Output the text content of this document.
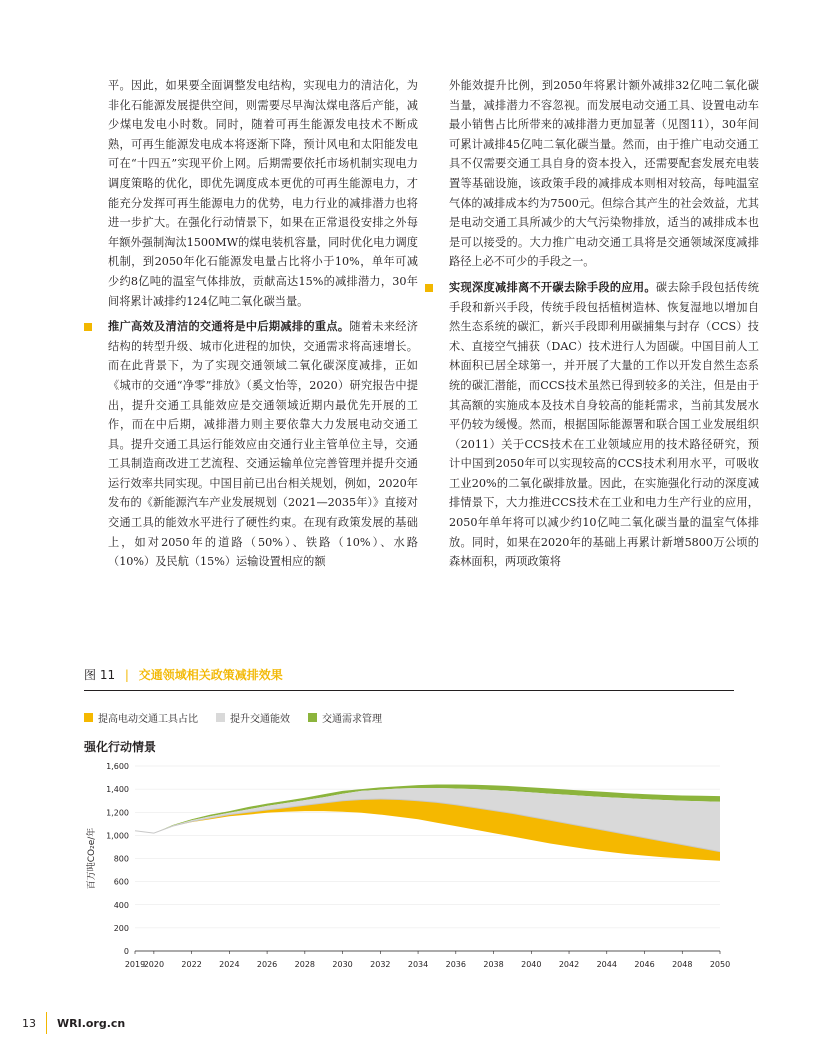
平。因此，如果要全面调整发电结构，实现电力的清洁化，为非化石能源发展提供空间，则需要尽早淘汰煤电落后产能，减少煤电发电小时数。同时，随着可再生能源发电技术不断成熟，可再生能源发电成本将逐渐下降，预计风电和太阳能发电可在“十四五”实现平价上网。后期需要依托市场机制实现电力调度策略的优化，即优先调度成本更优的可再生能源电力，才能充分发挥可再生能源电力的优势，电力行业的减排潜力也将进一步扩大。在强化行动情景下，如果在正常退役安排之外每年额外强制淘汰1500MW的煤电装机容量，同时优化电力调度机制，到2050年化石能源发电量占比将小于10%，单年可减少约8亿吨的温室气体排放，贡献高达15%的减排潜力，30年间将累计减排约124亿吨二氧化碳当量。

推广高效及清洁的交通将是中后期减排的重点。随着未来经济结构的转型升级、城市化进程的加快，交通需求将高速增长。而在此背景下，为了实现交通领域二氧化碳深度减排，正如《城市的交通“净零”排放》（奚文怡等，2020）研究报告中提出，提升交通工具能效应是交通领域近期内最优先开展的工作，而在中后期，减排潜力则主要依靠大力发展电动交通工具。提升交通工具运行能效应由交通行业主管单位主导，交通工具制造商改进工艺流程、交通运输单位完善管理并提升交通运行效率共同实现。中国目前已出台相关规划，例如，2020年发布的《新能源汽车产业发展规划（2021—2035年）》直接对交通工具的能效水平进行了硬性约束。在现有政策发展的基础上，如对2050年的道路（50%）、铁路（10%）、水路（10%）及民航（15%）运输设置相应的额

外能效提升比例，到2050年将累计额外减排32亿吨二氧化碳当量，减排潜力不容忽视。而发展电动交通工具、设置电动车最小销售占比所带来的减排潜力更加显著（见图11），30年间可累计减排45亿吨二氧化碳当量。然而，由于推广电动交通工具不仅需要交通工具自身的资本投入，还需要配套发展充电装置等基础设施，该政策手段的减排成本则相对较高，每吨温室气体的减排成本约为7500元。但综合其产生的社会效益，尤其是电动交通工具所减少的大气污染物排放，适当的减排成本也是可以接受的。大力推广电动交通工具将是交通领域深度减排路径上必不可少的手段之一。

实现深度减排离不开碳去除手段的应用。碳去除手段包括传统手段和新兴手段，传统手段包括植树造林、恢复湿地以增加自然生态系统的碳汇，新兴手段即利用碳捕集与封存（CCS）技术、直接空气捕获（DAC）技术进行人为固碳。中国目前人工林面积已居全球第一，并开展了大量的工作以开发自然生态系统的碳汇潜能，而CCS技术虽然已得到较多的关注，但是由于其高额的实施成本及技术自身较高的能耗需求，当前其发展水平仍较为缓慢。然而，根据国际能源署和联合国工业发展组织（2011）关于CCS技术在工业领域应用的技术路径研究，预计中国到2050年可以实现较高的CCS技术利用水平，可吸收工业20%的二氧化碳排放量。因此，在实施强化行动的深度减排情景下，大力推进CCS技术在工业和电力生产行业的应用，2050年单年将可以减少约10亿吨二氧化碳当量的温室气体排放。同时，如果在2020年的基础上再累计新增5800万公顷的森林面积，两项政策将

图 11 | 交通领域相关政策减排效果
提高电动交通工具占比	提升交通能效	交通需求管理
强化行动情景
0
200
400
600
800
1,000
1,200
1,400
1,600
百万吨CO₂e/年
2019
2020 2022 2024 2026 2028 2030 2032 2034 2036 2038 2040 2042 2044 2046 2048 2050
13 WRI.org.cn
